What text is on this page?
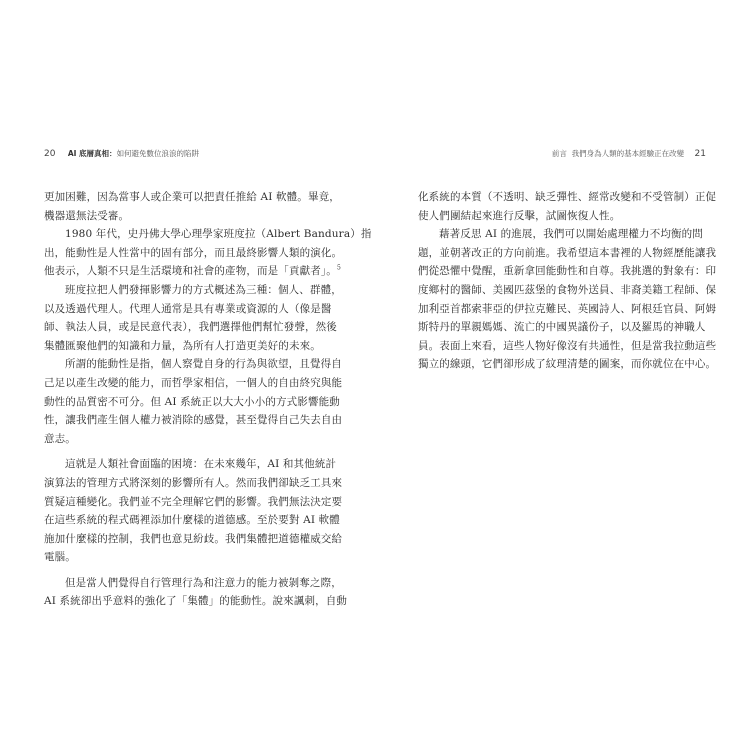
20 AI 底層真相：如何避免數位浪浪的陷阱
更加困難，因為當事人或企業可以把責任推給 AI 軟體。畢竟，
機器還無法受審。
1980 年代，史丹佛大學心理學家班度拉（Albert Bandura）指
出，能動性是人性當中的固有部分，而且最終影響人類的演化。
他表示，人類不只是生活環境和社會的產物，而是「貢獻者」。$^5$
班度拉把人們發揮影響力的方式概述為三種：個人、群體，
以及透過代理人。代理人通常是具有專業或資源的人（像是醫
師、執法人員，或是民意代表），我們選擇他們幫忙發聲，然後
集體匯聚他們的知識和力量，為所有人打造更美好的未來。
所謂的能動性是指，個人察覺自身的行為與欲望，且覺得自
己足以產生改變的能力，而哲學家相信，一個人的自由終究與能
動性的品質密不可分。但 AI 系統正以大大小小的方式影響能動
性，讓我們產生個人權力被消除的感覺，甚至覺得自己失去自由
意志。
這就是人類社會面臨的困境：在未來幾年，AI 和其他統計
演算法的管理方式將深刻的影響所有人。然而我們卻缺乏工具來
質疑這種變化。我們並不完全理解它們的影響。我們無法決定要
在這些系統的程式碼裡添加什麼樣的道德感。至於要對 AI 軟體
施加什麼樣的控制，我們也意見紛歧。我們集體把道德權威交給
電腦。
但是當人們覺得自行管理行為和注意力的能力被剝奪之際，
AI 系統卻出乎意料的強化了「集體」的能動性。說來諷刺，自動
前言 我們身為人類的基本經驗正在改變 21
化系統的本質（不透明、缺乏彈性、經常改變和不受管制）正促
使人們團結起來進行反擊，試圖恢復人性。
藉著反思 AI 的進展，我們可以開始處理權力不均衡的問
題，並朝著改正的方向前進。我希望這本書裡的人物經歷能讓我
們從恐懼中覺醒，重新拿回能動性和自尊。我挑選的對象有：印
度鄉村的醫師、美國匹茲堡的食物外送員、非裔美籍工程師、保
加利亞首都索菲亞的伊拉克難民、英國詩人、阿根廷官員、阿姆
斯特丹的單親媽媽、流亡的中國異議份子，以及羅馬的神職人
員。表面上來看，這些人物好像沒有共通性，但是當我拉動這些
獨立的線頭，它們卻形成了紋理清楚的圖案，而你就位在中心。
